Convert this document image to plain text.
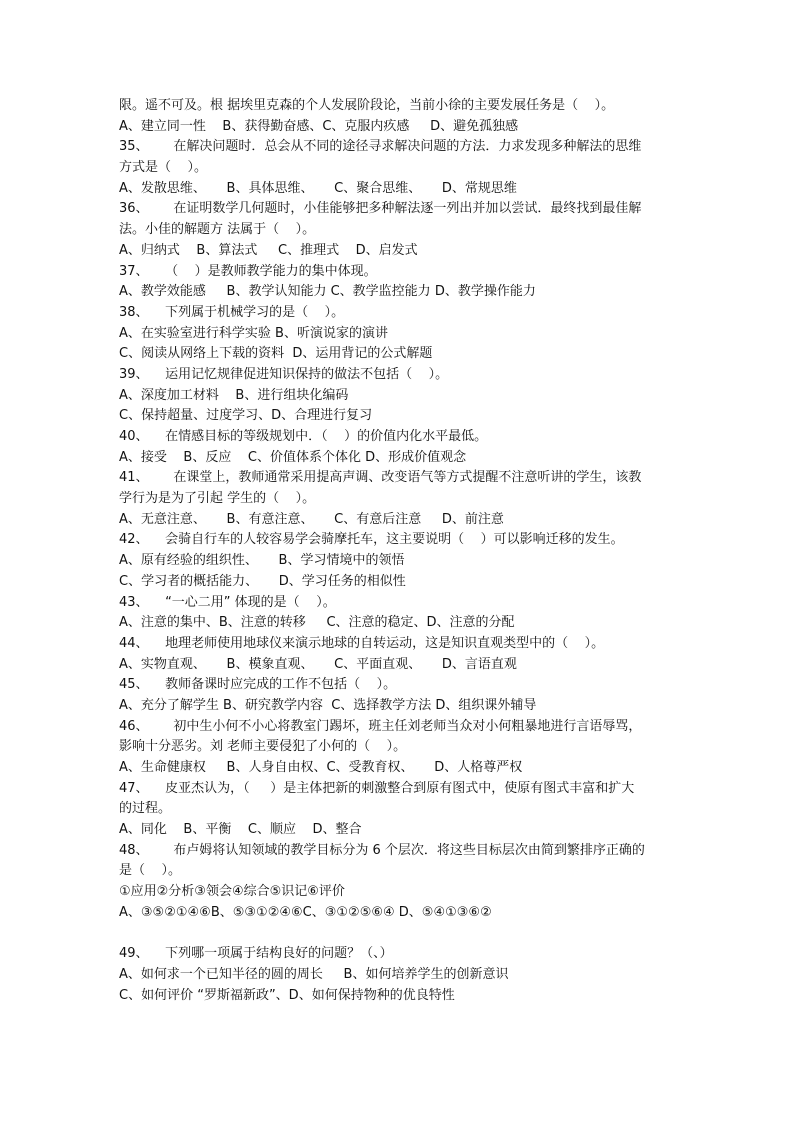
限。遥不可及。根 据埃里克森的个人发展阶段论，当前小徐的主要发展任务是（    ）。
A、建立同一性    B、获得勤奋感、C、克服内疚感     D、避免孤独感
35、      在解决问题时．总会从不同的途径寻求解决问题的方法．力求发现多种解法的思维
方式是（    ）。
A、发散思维、     B、具体思维、     C、聚合思维、     D、常规思维
36、      在证明数学几何题时，小佳能够把多种解法逐一列出并加以尝试．最终找到最佳解
法。小佳的解题方 法属于（    ）。
A、归纳式    B、算法式     C、推理式    D、启发式
37、    （    ）是教师教学能力的集中体现。
A、教学效能感     B、教学认知能力 C、教学监控能力 D、教学操作能力
38、    下列属于机械学习的是（    ）。
A、在实验室进行科学实验 B、听演说家的演讲
C、阅读从网络上下载的资料  D、运用背记的公式解题
39、    运用记忆规律促进知识保持的做法不包括（    ）。
A、深度加工材料    B、进行组块化编码
C、保持超量、过度学习、D、合理进行复习
40、    在情感目标的等级规划中．（    ）的价值内化水平最低。
A、接受    B、反应    C、价值体系个体化 D、形成价值观念
41、      在课堂上，教师通常采用提高声调、改变语气等方式提醒不注意听讲的学生，该教
学行为是为了引起 学生的（    ）。
A、无意注意、     B、有意注意、     C、有意后注意     D、前注意
42、    会骑自行车的人较容易学会骑摩托车，这主要说明（    ）可以影响迁移的发生。
A、原有经验的组织性、     B、学习情境中的领悟
C、学习者的概括能力、     D、学习任务的相似性
43、    “一心二用” 体现的是（    ）。
A、注意的集中、B、注意的转移     C、注意的稳定、D、注意的分配
44、    地理老师使用地球仪来演示地球的自转运动，这是知识直观类型中的（    ）。
A、实物直观、     B、模象直观、     C、平面直观、     D、言语直观
45、    教师备课时应完成的工作不包括（    ）。
A、充分了解学生 B、研究教学内容  C、选择教学方法 D、组织课外辅导
46、      初中生小何不小心将教室门踢坏，班主任刘老师当众对小何粗暴地进行言语辱骂，
影响十分恶劣。刘 老师主要侵犯了小何的（    ）。
A、生命健康权     B、人身自由权、C、受教育权、     D、人格尊严权
47、    皮亚杰认为，（     ）是主体把新的刺激整合到原有图式中，使原有图式丰富和扩大
的过程。
A、同化    B、平衡    C、顺应    D、整合
48、      布卢姆将认知领域的教学目标分为 6 个层次．将这些目标层次由简到繁排序正确的
是（    ）。
①应用②分析③领会④综合⑤识记⑥评价
A、③⑤②①④⑥B、⑤③①②④⑥C、③①②⑤⑥④ D、⑤④①③⑥②
49、    下列哪一项属于结构良好的问题？（、）
A、如何求一个已知半径的圆的周长     B、如何培养学生的创新意识
C、如何评价 “罗斯福新政”、D、如何保持物种的优良特性
